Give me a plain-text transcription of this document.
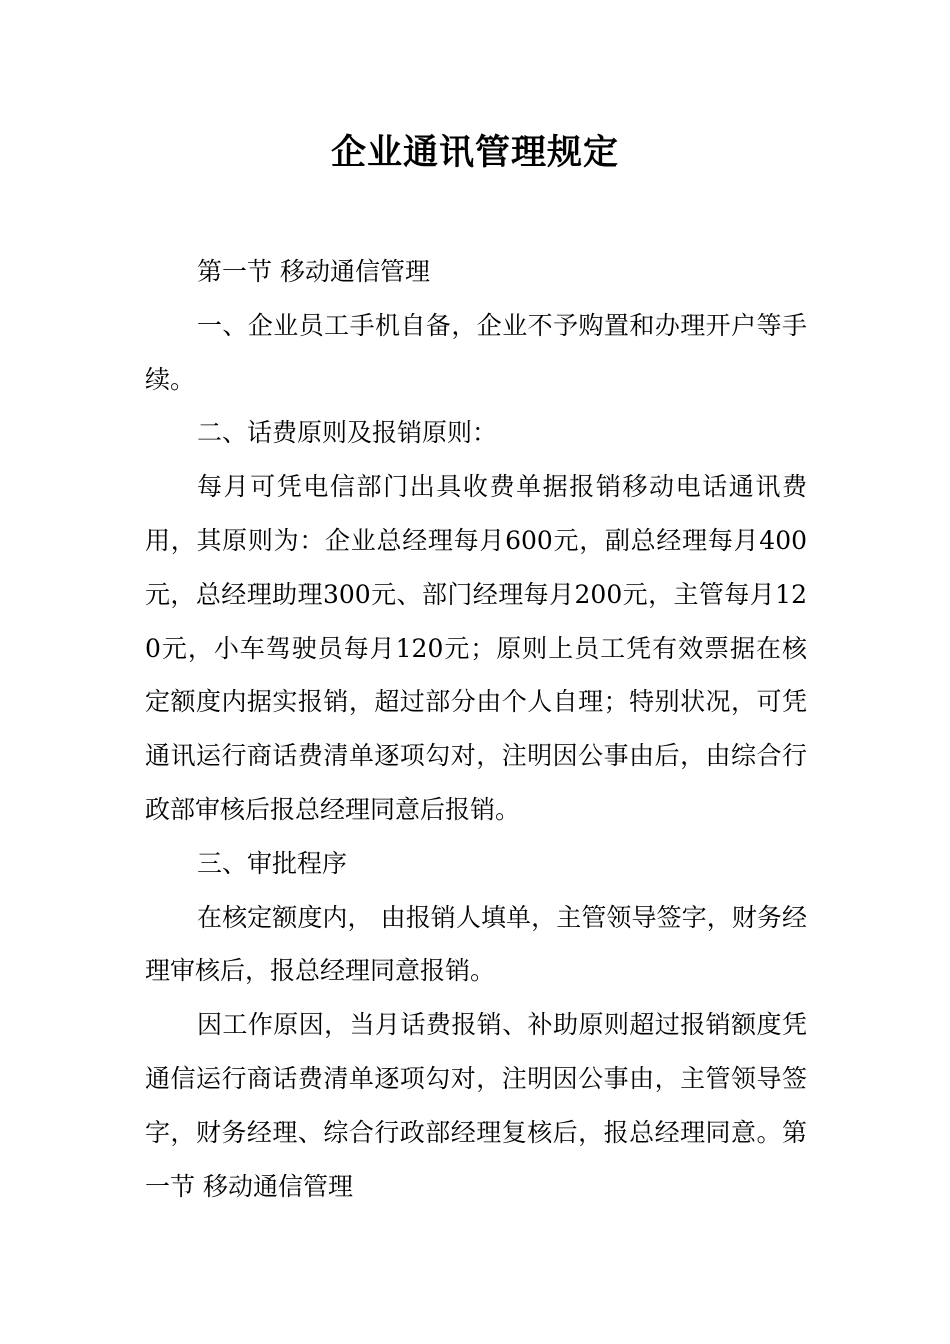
企业通讯管理规定

第一节 移动通信管理

一、企业员工手机自备，企业不予购置和办理开户等手续。

二、话费原则及报销原则：

每月可凭电信部门出具收费单据报销移动电话通讯费用，其原则为：企业总经理每月600元，副总经理每月400元，总经理助理300元、部门经理每月200元，主管每月120元，小车驾驶员每月120元；原则上员工凭有效票据在核定额度内据实报销，超过部分由个人自理；特别状况，可凭通讯运行商话费清单逐项勾对，注明因公事由后，由综合行政部审核后报总经理同意后报销。

三、审批程序

在核定额度内， 由报销人填单，主管领导签字，财务经理审核后，报总经理同意报销。

因工作原因，当月话费报销、补助原则超过报销额度凭通信运行商话费清单逐项勾对，注明因公事由，主管领导签字，财务经理、综合行政部经理复核后，报总经理同意。第一节 移动通信管理
